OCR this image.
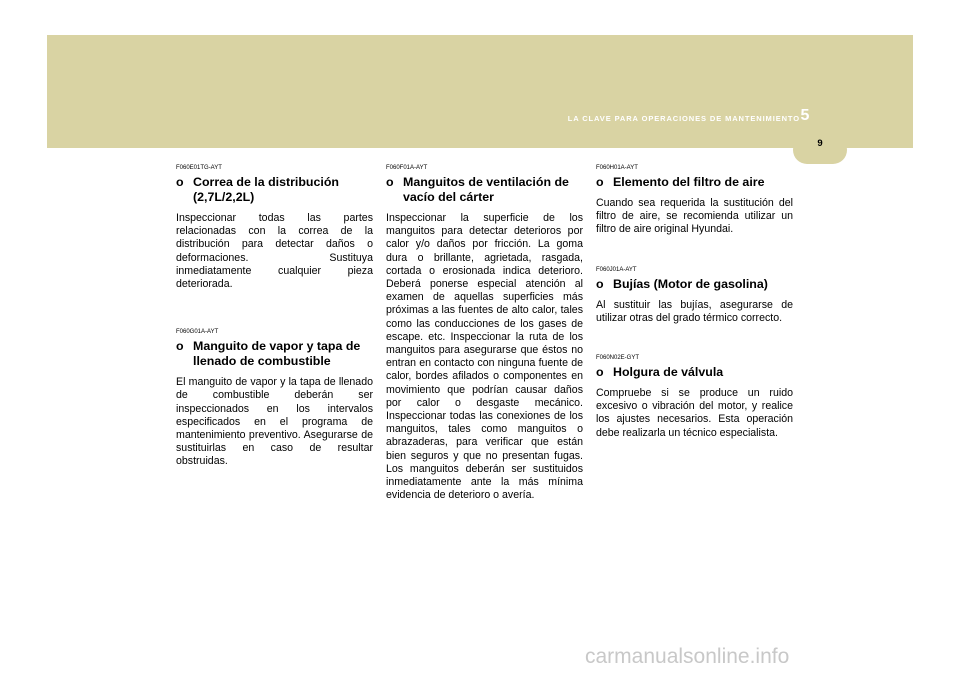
LA CLAVE PARA OPERACIONES DE MANTENIMIENTO 5
9

F060E01TG-AYT

o Correa de la distribución (2,7L/2,2L)

Inspeccionar todas las partes relacionadas con la correa de la distribución para detectar daños o deformaciones. Sustituya inmediatamente cualquier pieza deteriorada.

F060G01A-AYT

o Manguito de vapor y tapa de llenado de combustible

El manguito de vapor y la tapa de llenado de combustible deberán ser inspeccionados en los intervalos especificados en el programa de mantenimiento preventivo. Asegurarse de sustituirlas en caso de resultar obstruidas.

F060F01A-AYT

o Manguitos de ventilación de vacío del cárter

Inspeccionar la superficie de los manguitos para detectar deterioros por calor y/o daños por fricción. La goma dura o brillante, agrietada, rasgada, cortada o erosionada indica deterioro. Deberá ponerse especial atención al examen de aquellas superficies más próximas a las fuentes de alto calor, tales como las conducciones de los gases de escape. etc. Inspeccionar la ruta de los manguitos para asegurarse que éstos no entran en contacto con ninguna fuente de calor, bordes afilados o componentes en movimiento que podrían causar daños por calor o desgaste mecánico. Inspeccionar todas las conexiones de los manguitos, tales como manguitos o abrazaderas, para verificar que están bien seguros y que no presentan fugas. Los manguitos deberán ser sustituidos inmediatamente ante la más mínima evidencia de deterioro o avería.

F060H01A-AYT

o Elemento del filtro de aire

Cuando sea requerida la sustitución del filtro de aire, se recomienda utilizar un filtro de aire original Hyundai.

F060J01A-AYT

o Bujías (Motor de gasolina)

Al sustituir las bujías, asegurarse de utilizar otras del grado térmico correcto.

F060N02E-GYT

o Holgura de válvula

Compruebe si se produce un ruido excesivo o vibración del motor, y realice los ajustes necesarios. Esta operación debe realizarla un técnico especialista.

carmanualsonline.info
